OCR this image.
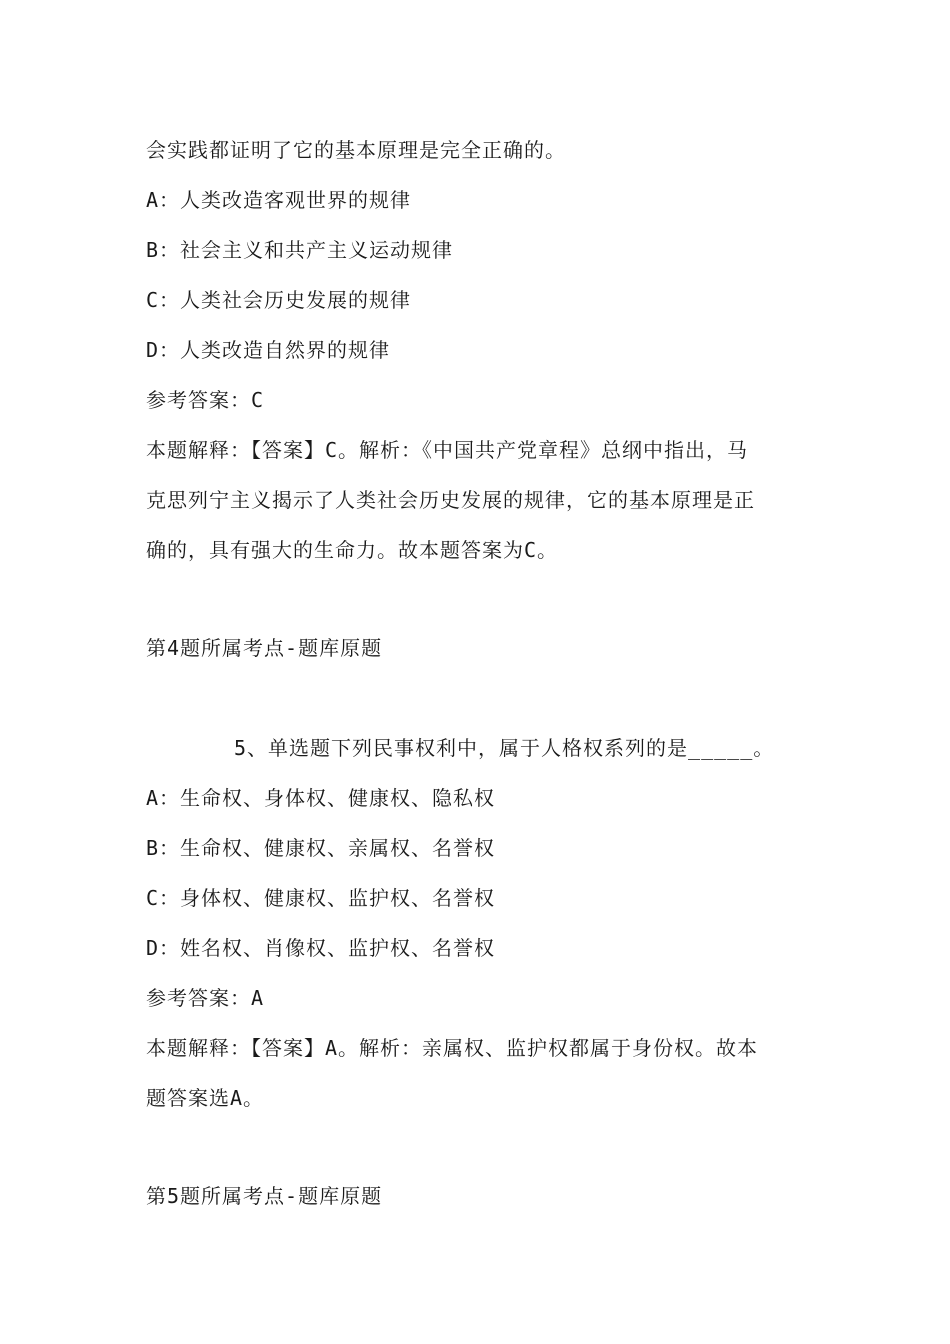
会实践都证明了它的基本原理是完全正确的。
A：人类改造客观世界的规律
B：社会主义和共产主义运动规律
C：人类社会历史发展的规律
D：人类改造自然界的规律
参考答案：C
本题解释：【答案】C。解析：《中国共产党章程》总纲中指出，马
克思列宁主义揭示了人类社会历史发展的规律，它的基本原理是正
确的，具有强大的生命力。故本题答案为C。
第4题所属考点-题库原题
5、单选题下列民事权利中，属于人格权系列的是_____。
A：生命权、身体权、健康权、隐私权
B：生命权、健康权、亲属权、名誉权
C：身体权、健康权、监护权、名誉权
D：姓名权、肖像权、监护权、名誉权
参考答案：A
本题解释：【答案】A。解析：亲属权、监护权都属于身份权。故本
题答案选A。
第5题所属考点-题库原题
